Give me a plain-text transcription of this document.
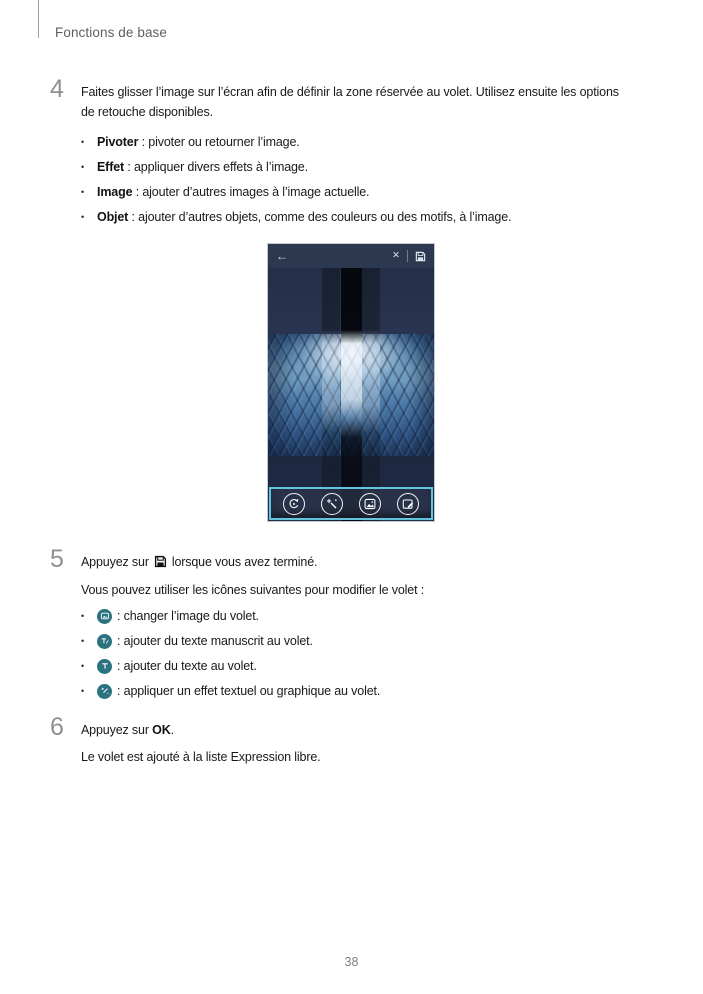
Fonctions de base
4 Faites glisser l’image sur l’écran afin de définir la zone réservée au volet. Utilisez ensuite les options de retouche disponibles.

•	Pivoter : pivoter ou retourner l’image.
•	Effet : appliquer divers effets à l’image.
•	Image : ajouter d’autres images à l’image actuelle.
•	Objet : ajouter d’autres objets, comme des couleurs ou des motifs, à l’image.
←	✕
5 Appuyez sur lorsque vous avez terminé.

Vous pouvez utiliser les icônes suivantes pour modifier le volet :

•	: changer l’image du volet.
•	: ajouter du texte manuscrit au volet.
•	: ajouter du texte au volet.
•	: appliquer un effet textuel ou graphique au volet.
6 Appuyez sur OK.

Le volet est ajouté à la liste Expression libre.

38
